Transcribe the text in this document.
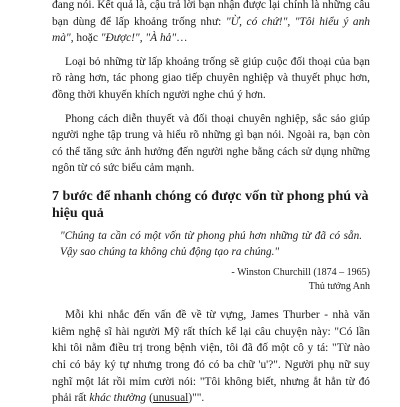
đang nói. Kết quả là, cậu trả lời bạn nhận được lại chính là những câu bạn dùng để lấp khoảng trống như: "Ừ, có chứ!", "Tôi hiểu ý anh mà", hoặc "Được!", "À hả"…

Loại bỏ những từ lấp khoảng trống sẽ giúp cuộc đối thoại của bạn rõ ràng hơn, tác phong giao tiếp chuyên nghiệp và thuyết phục hơn, đồng thời khuyến khích người nghe chú ý hơn.

Phong cách diễn thuyết và đối thoại chuyên nghiệp, sắc sảo giúp người nghe tập trung và hiểu rõ những gì bạn nói. Ngoài ra, bạn còn có thể tăng sức ảnh hưởng đến người nghe bằng cách sử dụng những ngôn từ có sức biểu cảm mạnh.

7 bước để nhanh chóng có được vốn từ phong phú và hiệu quả

"Chúng ta cần có một vốn từ phong phú hơn những từ đã có sẵn. Vậy sao chúng ta không chủ động tạo ra chúng."

- Winston Churchill (1874 – 1965)

Thủ tướng Anh

Mỗi khi nhắc đến vấn đề về từ vựng, James Thurber - nhà văn kiêm nghệ sĩ hài người Mỹ rất thích kể lại câu chuyện này: "Có lần khi tôi nằm điều trị trong bệnh viện, tôi đã đố một cô y tá: "Từ nào chỉ có bảy ký tự nhưng trong đó có ba chữ 'u'?". Người phụ nữ suy nghĩ một lát rồi mỉm cười nói: "Tôi không biết, nhưng ắt hẳn từ đó phải rất khác thường (unusual)"".
